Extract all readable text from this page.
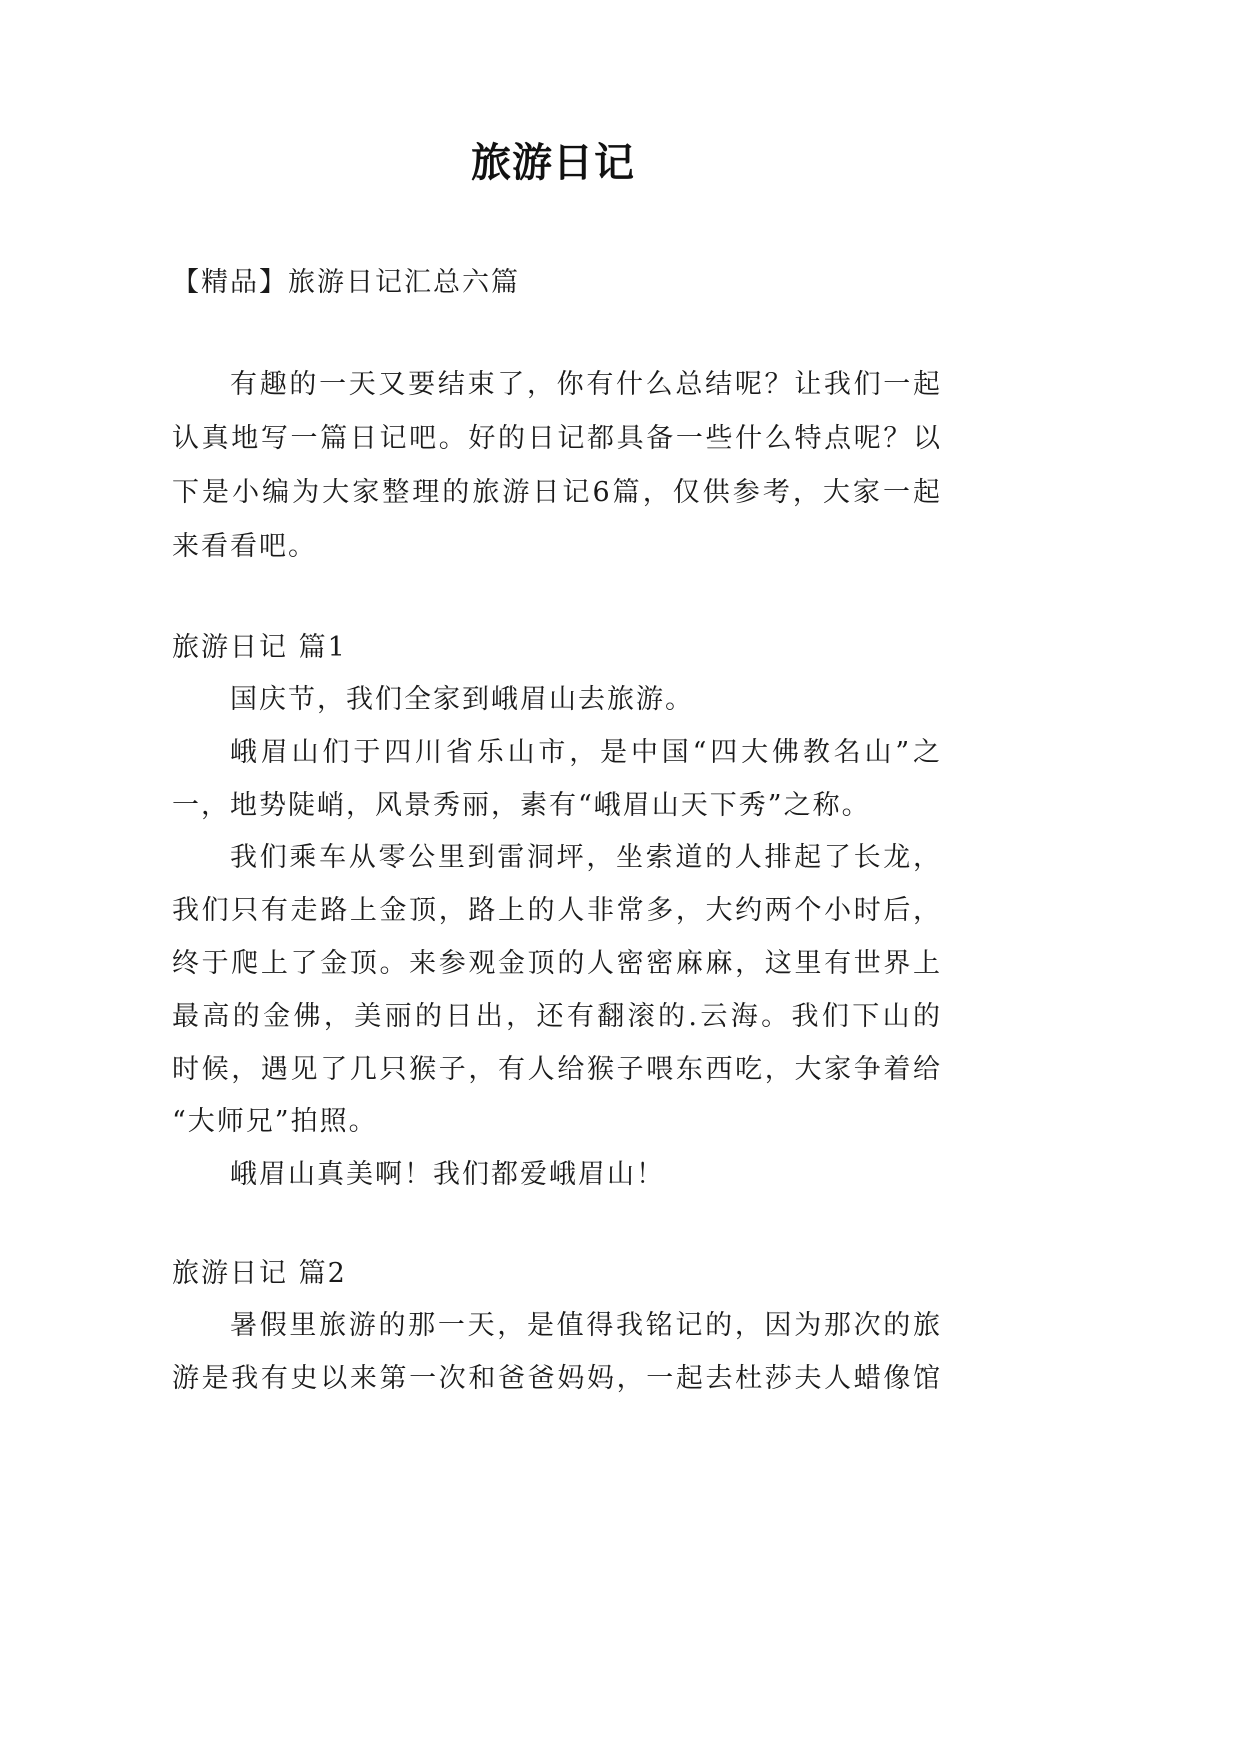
旅游日记
【精品】旅游日记汇总六篇
有趣的一天又要结束了，你有什么总结呢？让我们一起
认真地写一篇日记吧。好的日记都具备一些什么特点呢？以
下是小编为大家整理的旅游日记6篇，仅供参考，大家一起
来看看吧。
旅游日记 篇1
国庆节，我们全家到峨眉山去旅游。
峨眉山们于四川省乐山市，是中国“四大佛教名山”之
一，地势陡峭，风景秀丽，素有“峨眉山天下秀”之称。
我们乘车从零公里到雷洞坪，坐索道的人排起了长龙，
我们只有走路上金顶，路上的人非常多，大约两个小时后，
终于爬上了金顶。来参观金顶的人密密麻麻，这里有世界上
最高的金佛，美丽的日出，还有翻滚的.云海。我们下山的
时候，遇见了几只猴子，有人给猴子喂东西吃，大家争着给
“大师兄”拍照。
峨眉山真美啊！我们都爱峨眉山！
旅游日记 篇2
暑假里旅游的那一天，是值得我铭记的，因为那次的旅
游是我有史以来第一次和爸爸妈妈，一起去杜莎夫人蜡像馆
